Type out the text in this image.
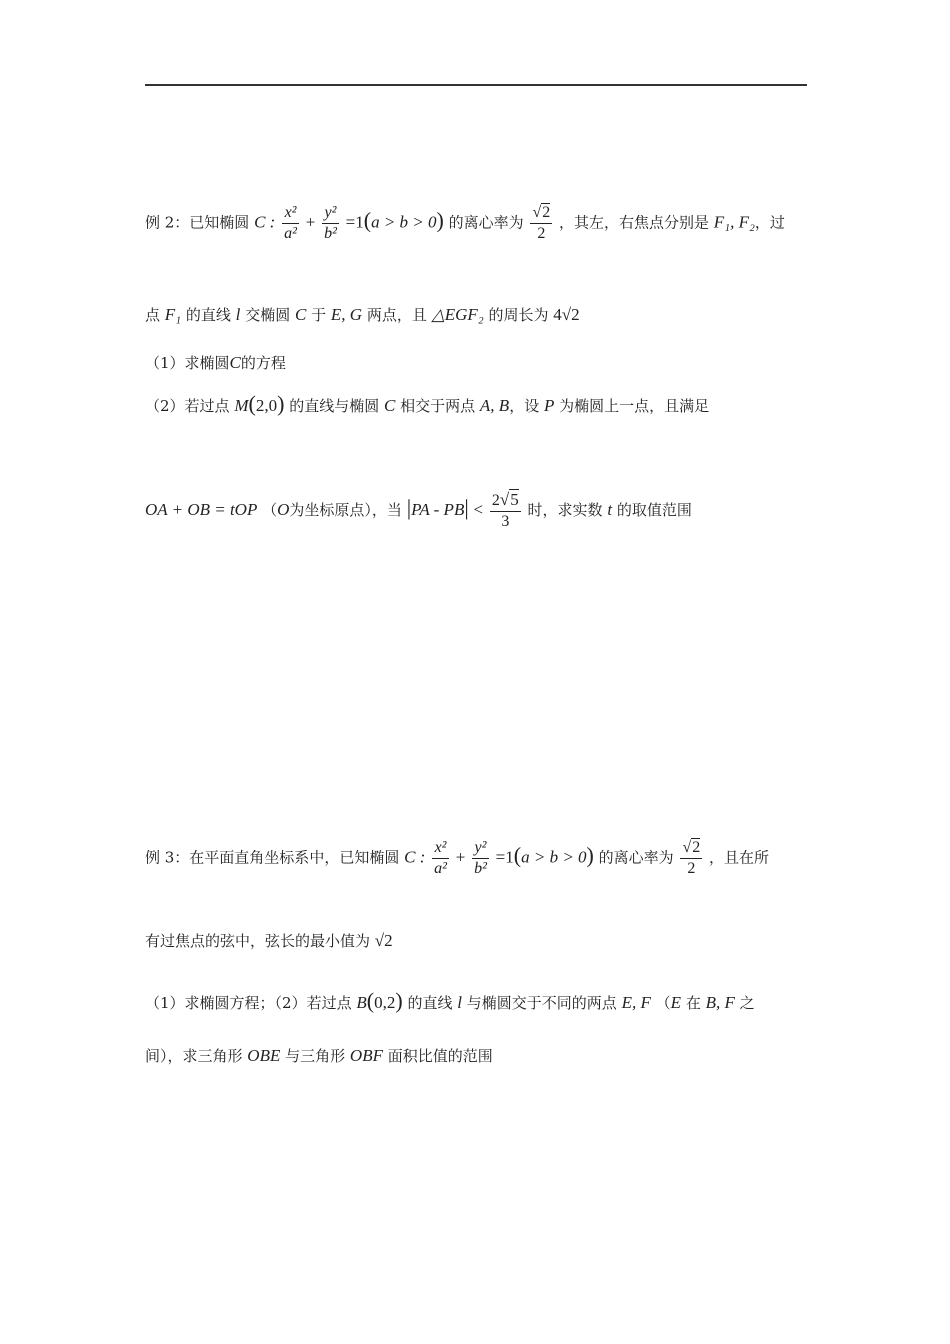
例 2：已知椭圆 C : $\frac{\text{x²}}{\text{a²}} + \frac{\text{y²}}{\text{b²}} =1(a > b > 0)$ 的离心率为 $\frac{√2}{2}$ ，其左，右焦点分别是 F₁, F₂，过
点 F₁ 的直线 l 交椭圆 C 于 E, G 两点，且 △EGF₂ 的周长为 4√2
（1）求椭圆C的方程
（2）若过点 M(2,0) 的直线与椭圆 C 相交于两点 A, B，设 P 为椭圆上一点，且满足
OA + OB = tOP （O为坐标原点），当 $|PA - PB| < \frac{2√5}{3}$ 时，求实数 t 的取值范围
例 3：在平面直角坐标系中，已知椭圆 C : $\frac{\text{x²}}{\text{a²}} + \frac{\text{y²}}{\text{b²}} =1(a > b > 0)$ 的离心率为 $\frac{√2}{2}$ ，且在所
有过焦点的弦中，弦长的最小值为 √2
（1）求椭圆方程；（2）若过点 B(0,2) 的直线 l 与椭圆交于不同的两点 E, F （E 在 B, F 之
间），求三角形 OBE 与三角形 OBF 面积比值的范围
